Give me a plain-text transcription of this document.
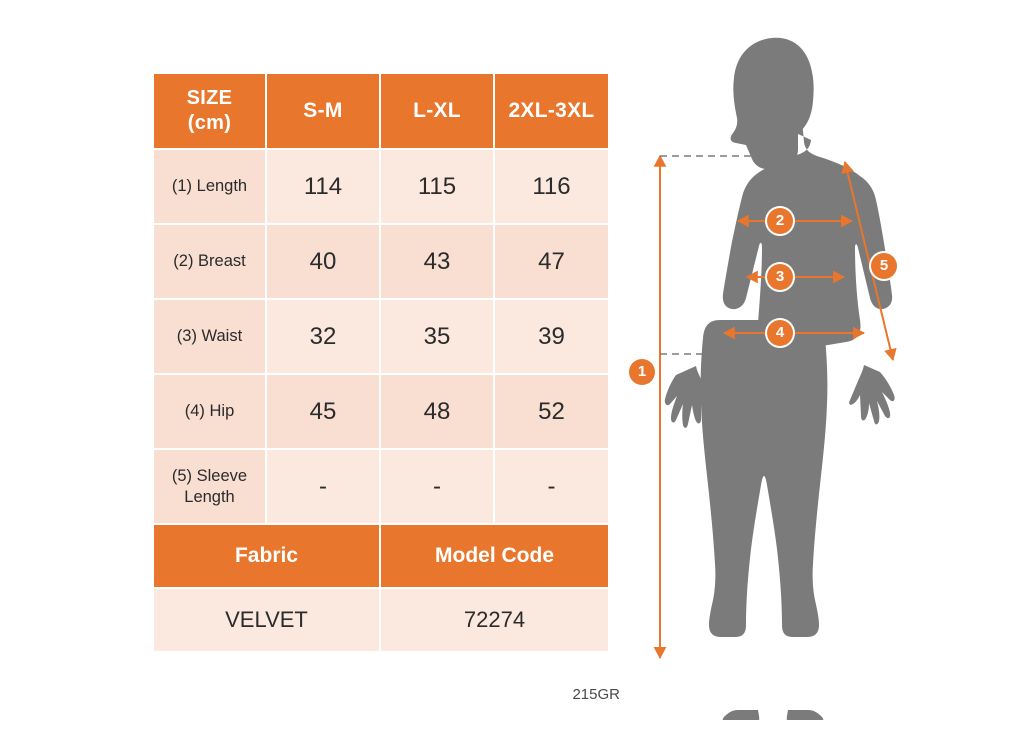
SIZE
(cm)	S-M	L-XL	2XL-3XL
(1) Length	114	115	116
(2) Breast	40	43	47
(3) Waist	32	35	39
(4) Hip	45	48	52

(5) Sleeve
Length	-	-	-
Fabric		Model Code	
VELVET		72274	
215GR
1
2
3
4
5
